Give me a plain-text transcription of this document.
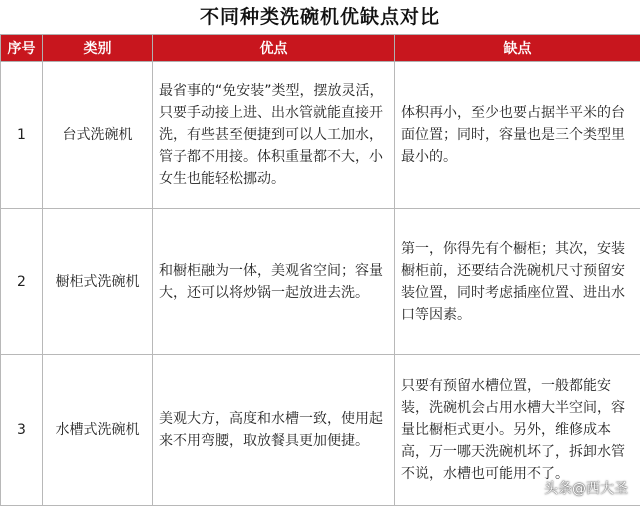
不同种类洗碗机优缺点对比
序号	类别	优点	缺点
1	台式洗碗机	最省事的“免安装”类型，摆放灵活，只要手动接上进、出水管就能直接开洗，有些甚至便捷到可以人工加水，管子都不用接。体积重量都不大，小女生也能轻松挪动。	体积再小，至少也要占据半平米的台面位置；同时，容量也是三个类型里最小的。
2	橱柜式洗碗机	和橱柜融为一体，美观省空间；容量大，还可以将炒锅一起放进去洗。	第一，你得先有个橱柜；其次，安装橱柜前，还要结合洗碗机尺寸预留安装位置，同时考虑插座位置、进出水口等因素。
3	水槽式洗碗机	美观大方，高度和水槽一致，使用起来不用弯腰，取放餐具更加便捷。	只要有预留水槽位置，一般都能安装，洗碗机会占用水槽大半空间，容量比橱柜式更小。另外，维修成本高，万一哪天洗碗机坏了，拆卸水管不说，水槽也可能用不了。
头条@西大圣
